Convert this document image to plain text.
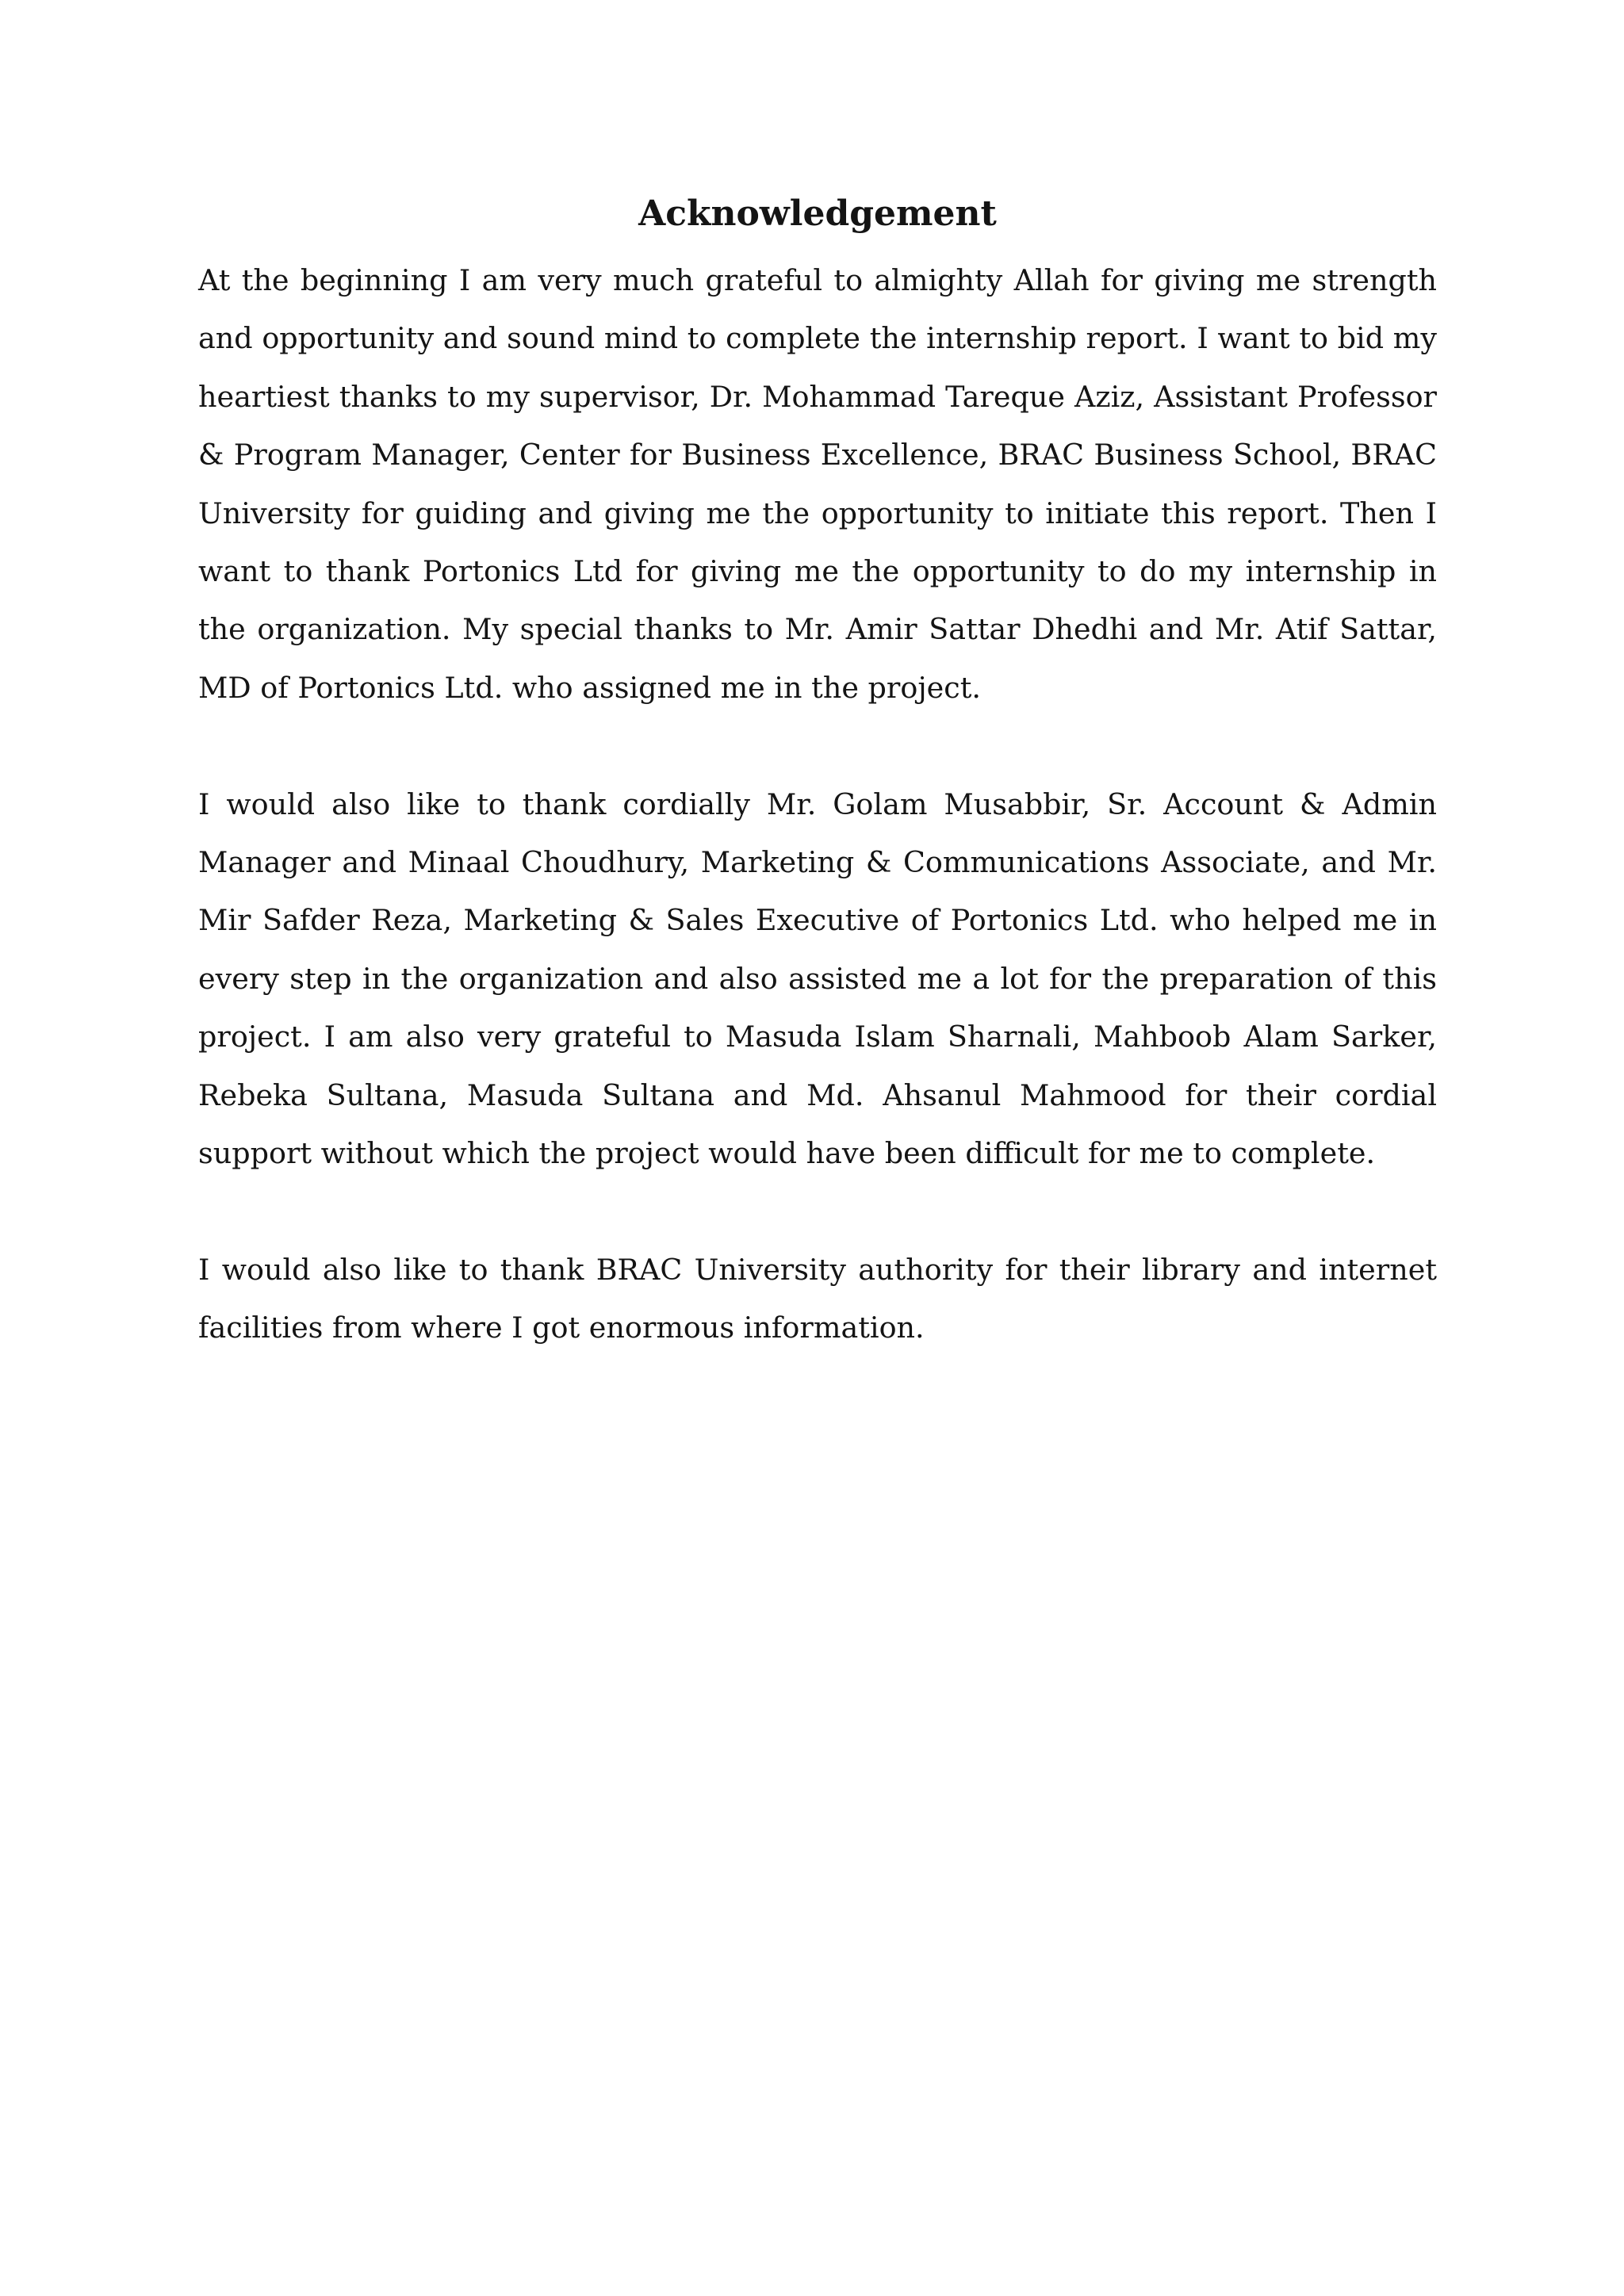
Acknowledgement

At the beginning I am very much grateful to almighty Allah for giving me strength and opportunity and sound mind to complete the internship report. I want to bid my heartiest thanks to my supervisor, Dr. Mohammad Tareque Aziz, Assistant Professor & Program Manager, Center for Business Excellence, BRAC Business School, BRAC University for guiding and giving me the opportunity to initiate this report. Then I want to thank Portonics Ltd for giving me the opportunity to do my internship in the organization. My special thanks to Mr. Amir Sattar Dhedhi and Mr. Atif Sattar, MD of Portonics Ltd. who assigned me in the project.

I would also like to thank cordially Mr. Golam Musabbir, Sr. Account & Admin Manager and Minaal Choudhury, Marketing & Communications Associate, and Mr. Mir Safder Reza, Marketing & Sales Executive of Portonics Ltd. who helped me in every step in the organization and also assisted me a lot for the preparation of this project. I am also very grateful to Masuda Islam Sharnali, Mahboob Alam Sarker, Rebeka Sultana, Masuda Sultana and Md. Ahsanul Mahmood for their cordial support without which the project would have been difficult for me to complete.

I would also like to thank BRAC University authority for their library and internet facilities from where I got enormous information.
